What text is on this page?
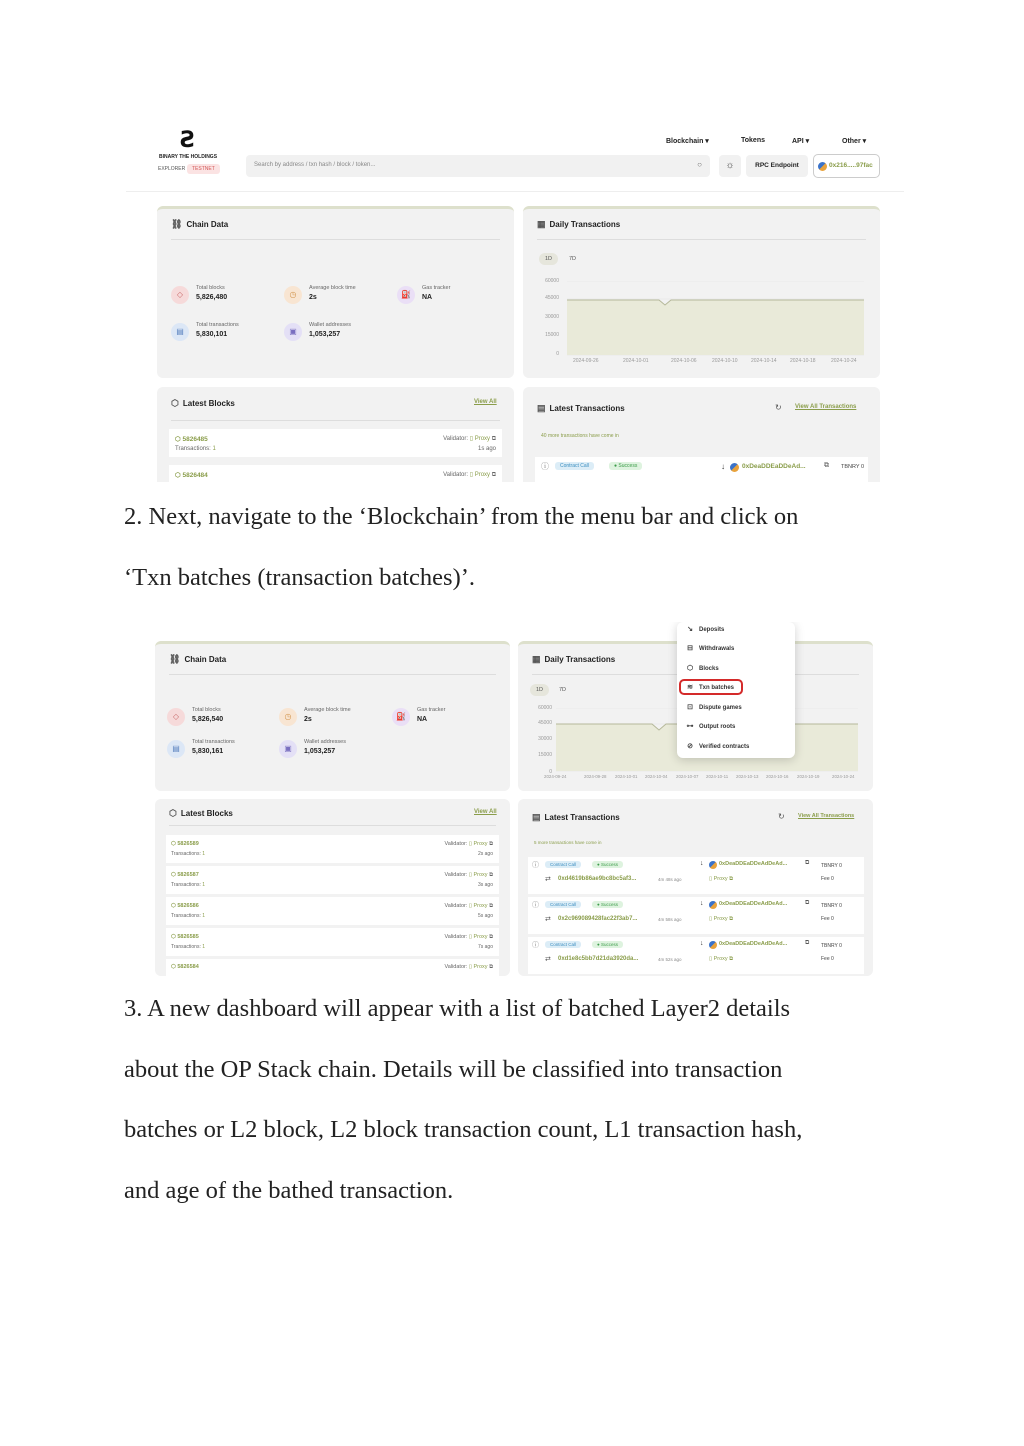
Ƨ
BINARY THE HOLDINGS
EXPLORER	TESTNET
Blockchain ▾	Tokens	API ▾	Other ▾
Search by address / txn hash / block / token...	○	☼	RPC Endpoint	0x216.....97fac
⛓ Chain Data
◇
Total blocks
5,826,480	◷
Average block time
2s	⛽
Gas tracker
NA
▤
Total transactions
5,830,101	▣
Wallet addresses
1,053,257
▦ Daily Transactions
1D	7D
60000
45000
30000
15000
0
2024-09-26	2024-10-01	2024-10-06	2024-10-10	2024-10-14	2024-10-18	2024-10-24
⬡ Latest Blocks	View All
⬡ 5826485
Transactions: 1
Validator: ▯ Proxy ⧉
1s ago
⬡ 5826484	Validator: ▯ Proxy ⧉
▤ Latest Transactions	↻ View All Transactions
40 more transactions have come in
ⓘ	Contract Call	● Success	↓	0xDeaDDEaDDeAd...	⧉ TBNRY 0
2. Next, navigate to the ‘Blockchain’ from the menu bar and click on
‘Txn batches (transaction batches)’.
⛓ Chain Data
◇
Total blocks
5,826,540	◷
Average block time
2s	⛽
Gas tracker
NA
▤
Total transactions
5,830,161	▣
Wallet addresses
1,053,257
▦ Daily Transactions
1D	7D
60000
45000
30000
15000
0
2024-09-24	2024-09-28 2024-10-01 2024-10-04 2024-10-07 2024-10-11 2024-10-13 2024-10-16 2024-10-19	2024-10-24
↘ Deposits
⊟ Withdrawals
⬡ Blocks
≋ Txn batches
⊡ Dispute games
⊶ Output roots
⊘ Verified contracts
⬡ Latest Blocks	View All
⬡ 5826589
Transactions: 1
Validator: ▯ Proxy ⧉
2s ago
⬡ 5826587
Transactions: 1
Validator: ▯ Proxy ⧉
3s ago
⬡ 5826586
Transactions: 1
Validator: ▯ Proxy ⧉
5s ago
⬡ 5826585
Transactions: 1
Validator: ▯ Proxy ⧉
7s ago
⬡ 5826584	Validator: ▯ Proxy ⧉
▤ Latest Transactions	↻ View All Transactions
5 more transactions have come in
ⓘ	Contract Call	● Success
⇄ 0xd4619b86ae9bc8bc5af3...	4m 48s ago
↓	0xDeaDDEaDDeAdDeAd...	⧉
▯ Proxy ⧉
TBNRY 0
Fee 0
ⓘ	Contract Call	● Success
⇄ 0x2c969089428fac22f3ab7...	4m 58s ago
↓	0xDeaDDEaDDeAdDeAd...	⧉
▯ Proxy ⧉
TBNRY 0
Fee 0
ⓘ	Contract Call	● Success
⇄ 0xd1e8c5bb7d21da3920da...	4m 52s ago
↓	0xDeaDDEaDDeAdDeAd...	⧉
▯ Proxy ⧉
TBNRY 0
Fee 0
3. A new dashboard will appear with a list of batched Layer2 details
about the OP Stack chain. Details will be classified into transaction
batches or L2 block, L2 block transaction count, L1 transaction hash,
and age of the bathed transaction.
